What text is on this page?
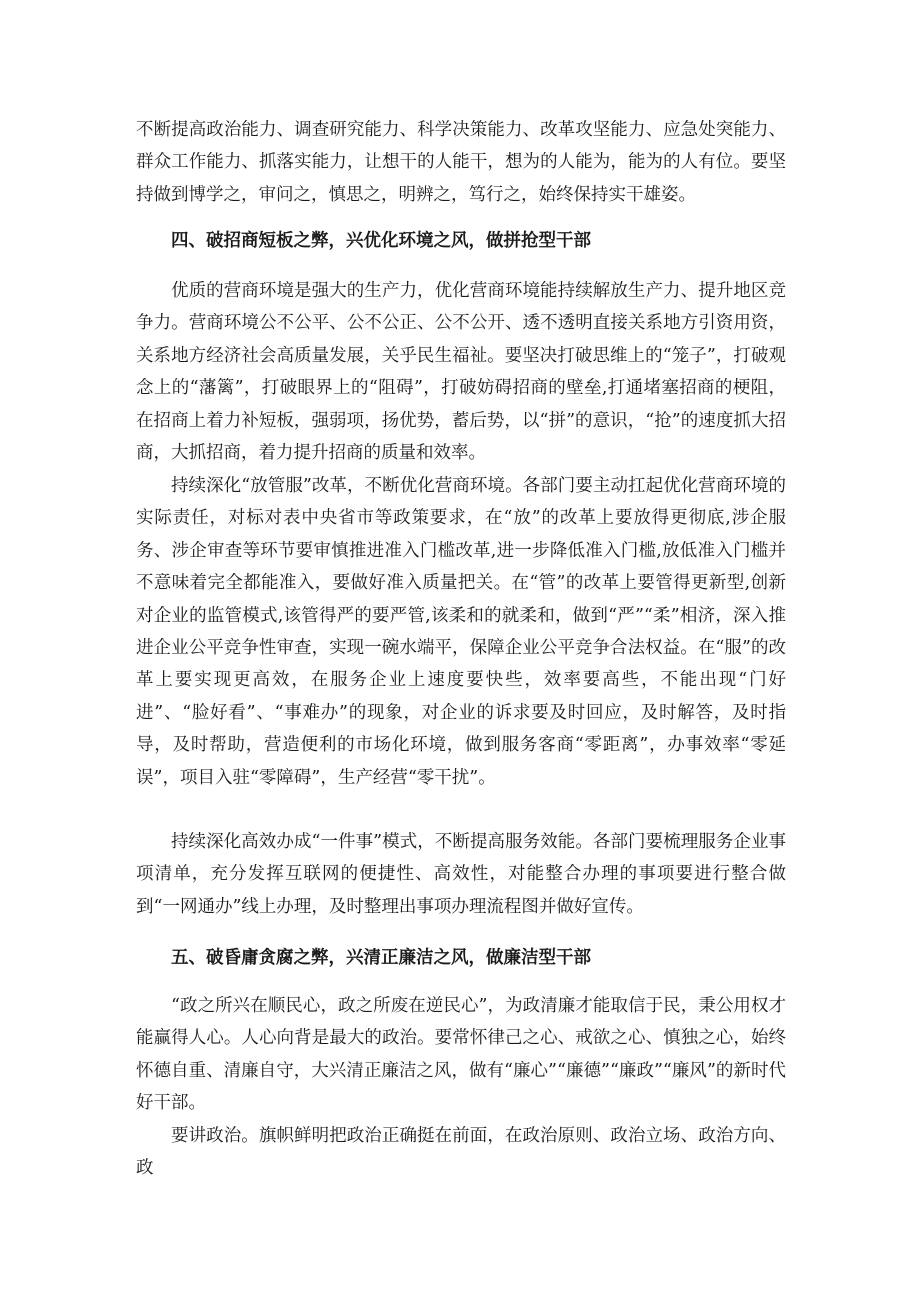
不断提高政治能力、调查研究能力、科学决策能力、改革攻坚能力、应急处突能力、群众工作能力、抓落实能力，让想干的人能干，想为的人能为，能为的人有位。要坚持做到博学之，审问之，慎思之，明辨之，笃行之，始终保持实干雄姿。

四、破招商短板之弊，兴优化环境之风，做拼抢型干部

优质的营商环境是强大的生产力，优化营商环境能持续解放生产力、提升地区竞争力。营商环境公不公平、公不公正、公不公开、透不透明直接关系地方引资用资，关系地方经济社会高质量发展，关乎民生福祉。要坚决打破思维上的“笼子”，打破观念上的“藩篱”，打破眼界上的“阻碍”，打破妨碍招商的壁垒,打通堵塞招商的梗阻，在招商上着力补短板，强弱项，扬优势，蓄后势，以“拼”的意识，“抢”的速度抓大招商，大抓招商，着力提升招商的质量和效率。

持续深化“放管服”改革，不断优化营商环境。各部门要主动扛起优化营商环境的实际责任，对标对表中央省市等政策要求，在“放”的改革上要放得更彻底,涉企服务、涉企审查等环节要审慎推进准入门槛改革,进一步降低准入门槛,放低准入门槛并不意味着完全都能准入，要做好准入质量把关。在“管”的改革上要管得更新型,创新对企业的监管模式,该管得严的要严管,该柔和的就柔和，做到“严”“柔”相济，深入推进企业公平竞争性审查，实现一碗水端平，保障企业公平竞争合法权益。在“服”的改革上要实现更高效，在服务企业上速度要快些，效率要高些，不能出现“门好进”、“脸好看”、“事难办”的现象，对企业的诉求要及时回应，及时解答，及时指导，及时帮助，营造便利的市场化环境，做到服务客商“零距离”，办事效率“零延误”，项目入驻“零障碍”，生产经营“零干扰”。

持续深化高效办成“一件事”模式，不断提高服务效能。各部门要梳理服务企业事项清单，充分发挥互联网的便捷性、高效性，对能整合办理的事项要进行整合做到“一网通办”线上办理，及时整理出事项办理流程图并做好宣传。

五、破昏庸贪腐之弊，兴清正廉洁之风，做廉洁型干部

“政之所兴在顺民心，政之所废在逆民心”，为政清廉才能取信于民，秉公用权才能赢得人心。人心向背是最大的政治。要常怀律己之心、戒欲之心、慎独之心，始终怀德自重、清廉自守，大兴清正廉洁之风，做有“廉心”“廉德”“廉政”“廉风”的新时代好干部。

要讲政治。旗帜鲜明把政治正确挺在前面，在政治原则、政治立场、政治方向、政
